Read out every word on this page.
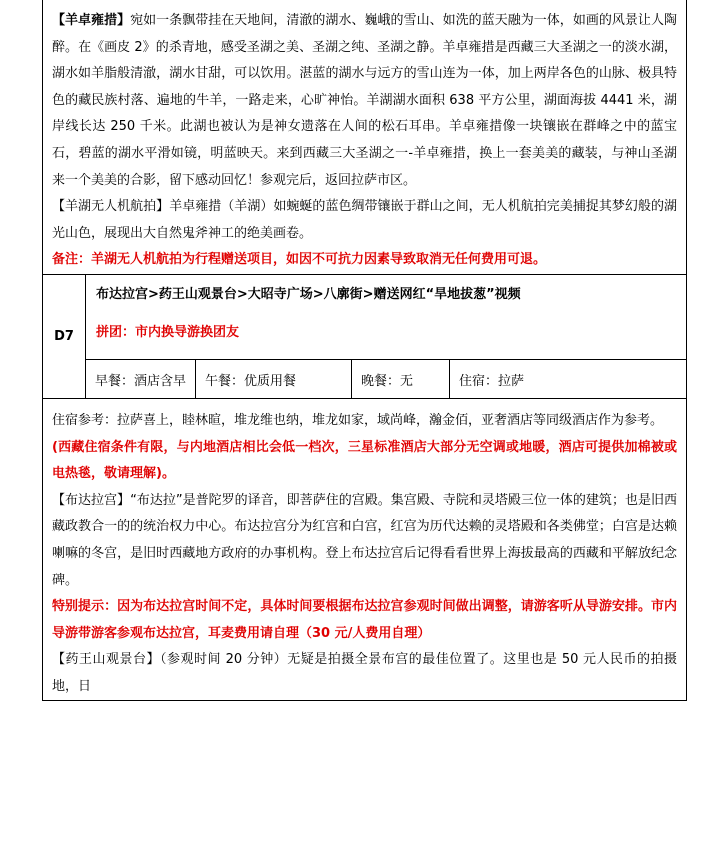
【羊卓雍措】宛如一条飘带挂在天地间，清澈的湖水、巍峨的雪山、如洗的蓝天融为一体，如画的风景让人陶醉。在《画皮 2》的杀青地，感受圣湖之美、圣湖之纯、圣湖之静。羊卓雍措是西藏三大圣湖之一的淡水湖，湖水如羊脂般清澈，湖水甘甜，可以饮用。湛蓝的湖水与远方的雪山连为一体，加上两岸各色的山脉、极具特色的藏民族村落、遍地的牛羊，一路走来，心旷神怡。羊湖湖水面积 638 平方公里，湖面海拔 4441 米，湖岸线长达 250 千米。此湖也被认为是神女遗落在人间的松石耳串。羊卓雍措像一块镶嵌在群峰之中的蓝宝石，碧蓝的湖水平滑如镜，明蓝映天。来到西藏三大圣湖之一-羊卓雍措，换上一套美美的藏装，与神山圣湖来一个美美的合影，留下感动回忆！参观完后，返回拉萨市区。

【羊湖无人机航拍】羊卓雍措（羊湖）如蜿蜒的蓝色绸带镶嵌于群山之间，无人机航拍完美捕捉其梦幻般的湖光山色，展现出大自然鬼斧神工的绝美画卷。

备注：羊湖无人机航拍为行程赠送项目，如因不可抗力因素导致取消无任何费用可退。

D7
布达拉宫>药王山观景台>大昭寺广场>八廓街>赠送网红“旱地拔葱”视频
拼团：市内换导游换团友
早餐：酒店含早	午餐：优质用餐	晚餐：无	住宿：拉萨

住宿参考：拉萨喜上，睦林暄，堆龙维也纳，堆龙如家，域尚峰，瀚金佰，亚奢酒店等同级酒店作为参考。

(西藏住宿条件有限，与内地酒店相比会低一档次，三星标准酒店大部分无空调或地暖，酒店可提供加棉被或电热毯，敬请理解)。

【布达拉宫】“布达拉”是普陀罗的译音，即菩萨住的宫殿。集宫殿、寺院和灵塔殿三位一体的建筑；也是旧西藏政教合一的的统治权力中心。布达拉宫分为红宫和白宫，红宫为历代达赖的灵塔殿和各类佛堂；白宫是达赖喇嘛的冬宫，是旧时西藏地方政府的办事机构。登上布达拉宫后记得看看世界上海拔最高的西藏和平解放纪念碑。

特别提示：因为布达拉宫时间不定，具体时间要根据布达拉宫参观时间做出调整，请游客听从导游安排。市内导游带游客参观布达拉宫，耳麦费用请自理（30 元/人费用自理）

【药王山观景台】（参观时间 20 分钟）无疑是拍摄全景布宫的最佳位置了。这里也是 50 元人民币的拍摄地，日
